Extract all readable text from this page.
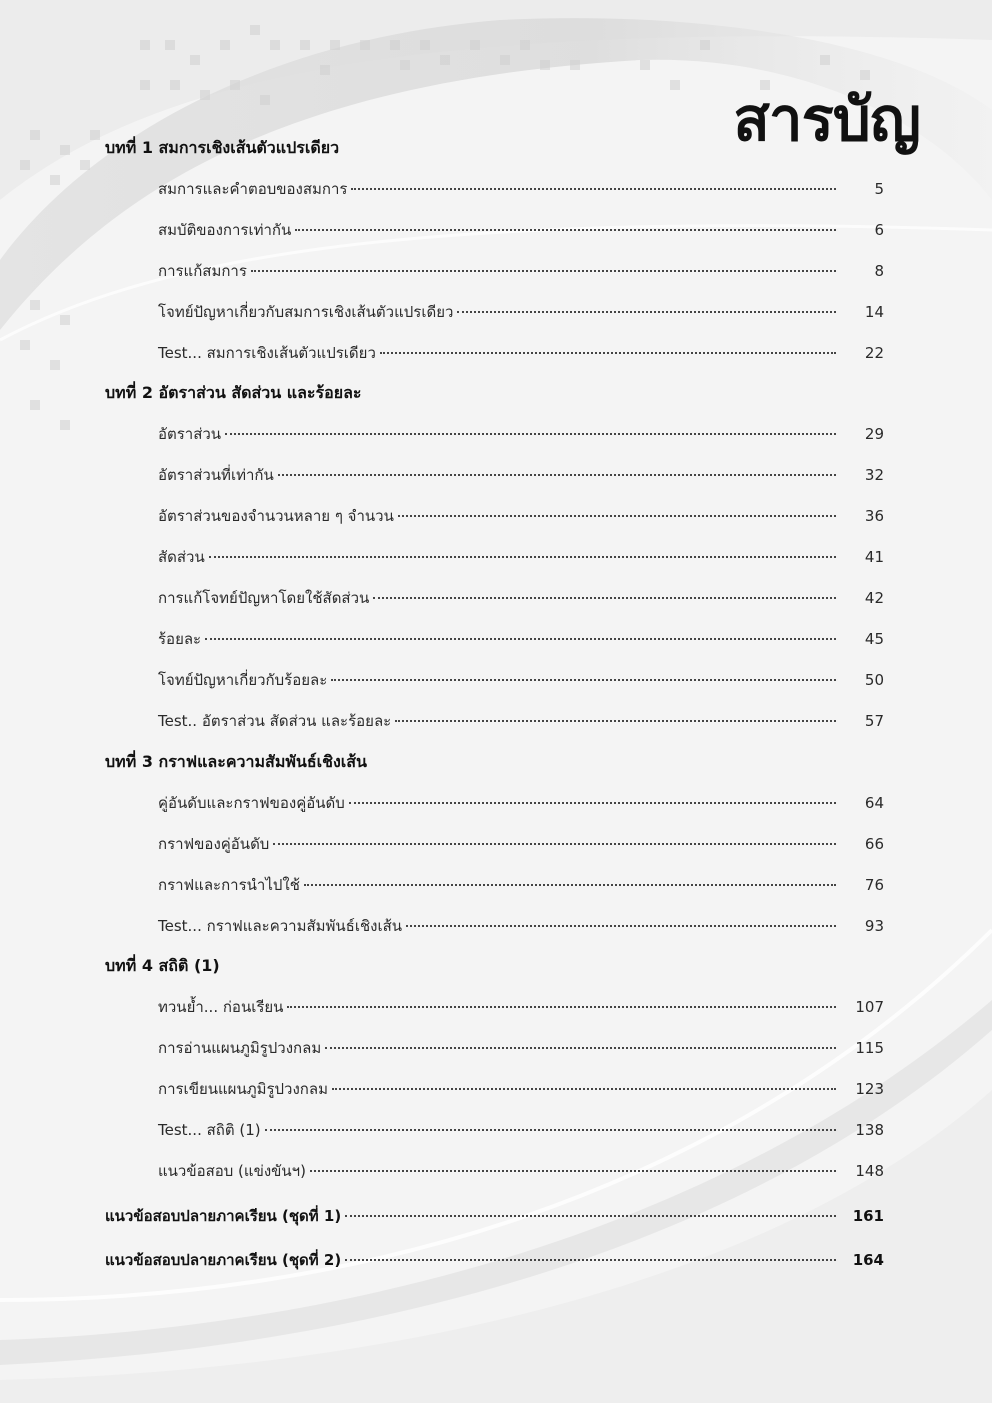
สารบัญ
บทที่ 1 สมการเชิงเส้นตัวแปรเดียว
สมการและคำตอบของสมการ	5
สมบัติของการเท่ากัน	6
การแก้สมการ	8
โจทย์ปัญหาเกี่ยวกับสมการเชิงเส้นตัวแปรเดียว	14
Test... สมการเชิงเส้นตัวแปรเดียว	22
บทที่ 2 อัตราส่วน สัดส่วน และร้อยละ
อัตราส่วน	29
อัตราส่วนที่เท่ากัน	32
อัตราส่วนของจำนวนหลาย ๆ จำนวน	36
สัดส่วน	41
การแก้โจทย์ปัญหาโดยใช้สัดส่วน	42
ร้อยละ	45
โจทย์ปัญหาเกี่ยวกับร้อยละ	50
Test.. อัตราส่วน สัดส่วน และร้อยละ	57
บทที่ 3 กราฟและความสัมพันธ์เชิงเส้น
คู่อันดับและกราฟของคู่อันดับ	64
กราฟของคู่อันดับ	66
กราฟและการนำไปใช้	76
Test... กราฟและความสัมพันธ์เชิงเส้น	93
บทที่ 4 สถิติ (1)
ทวนย้ำ... ก่อนเรียน	107
การอ่านแผนภูมิรูปวงกลม	115
การเขียนแผนภูมิรูปวงกลม	123
Test... สถิติ (1)	138
แนวข้อสอบ (แข่งขันฯ)	148
แนวข้อสอบปลายภาคเรียน (ชุดที่ 1)	161
แนวข้อสอบปลายภาคเรียน (ชุดที่ 2)	164
